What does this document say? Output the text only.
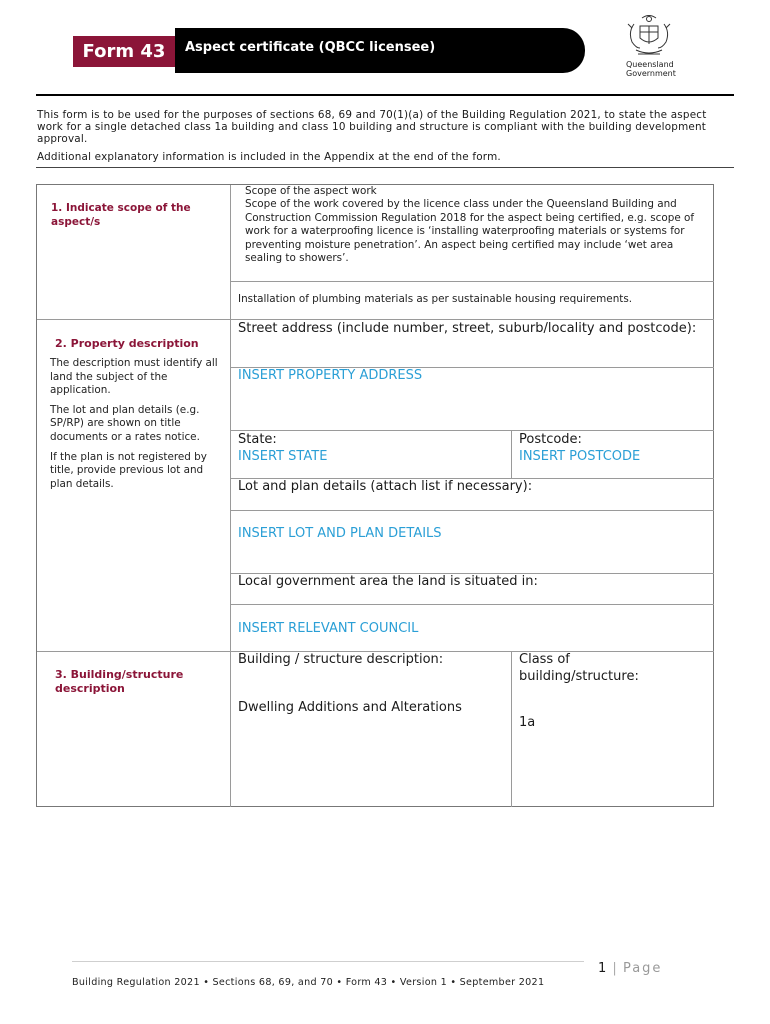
Form 43 Aspect certificate (QBCC licensee)
Queensland
Government

This form is to be used for the purposes of sections 68, 69 and 70(1)(a) of the Building Regulation 2021, to state the aspect work for a single detached class 1a building and class 10 building and structure is compliant with the building development approval.

Additional explanatory information is included in the Appendix at the end of the form.

1. Indicate scope of the aspect/s
Scope of the aspect work
Scope of the work covered by the licence class under the Queensland Building and Construction Commission Regulation 2018 for the aspect being certified, e.g. scope of work for a waterproofing licence is ‘installing waterproofing materials or systems for preventing moisture penetration’. An aspect being certified may include ‘wet area sealing to showers’.
Installation of plumbing materials as per sustainable housing requirements.
2. Property description
The description must identify all land the subject of the application.
The lot and plan details (e.g. SP/RP) are shown on title documents or a rates notice.
If the plan is not registered by title, provide previous lot and plan details.
Street address (include number, street, suburb/locality and postcode):
INSERT PROPERTY ADDRESS
State:
INSERT STATE
Postcode:
INSERT POSTCODE
Lot and plan details (attach list if necessary):
INSERT LOT AND PLAN DETAILS
Local government area the land is situated in:
INSERT RELEVANT COUNCIL
3. Building/structure description
Building / structure description:
Dwelling Additions and Alterations
Class of building/structure:
1a
1 | Page
Building Regulation 2021 • Sections 68, 69, and 70 • Form 43 • Version 1 • September 2021
